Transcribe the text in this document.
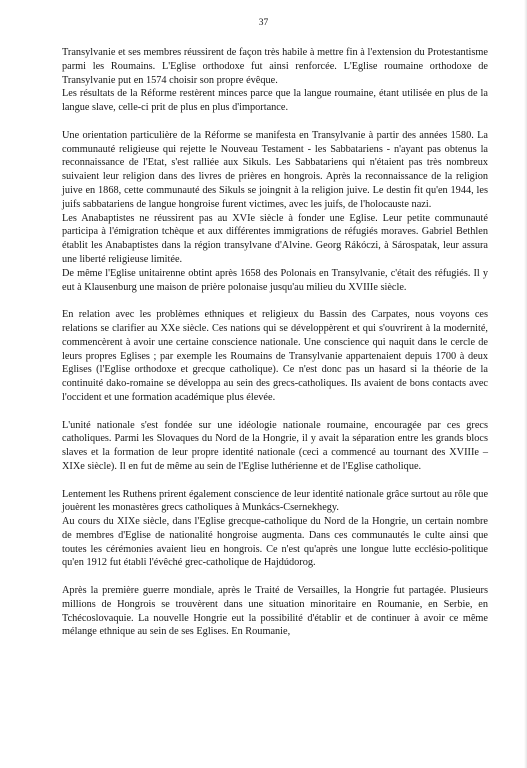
37

Transylvanie et ses membres réussirent de façon très habile à mettre fin à l'extension du Protestantisme parmi les Roumains. L'Eglise orthodoxe fut ainsi renforcée. L'Eglise roumaine orthodoxe de Transylvanie put en 1574 choisir son propre évêque.

Les résultats de la Réforme restèrent minces parce que la langue roumaine, étant utilisée en plus de la langue slave, celle-ci prit de plus en plus d'importance.

Une orientation particulière de la Réforme se manifesta en Transylvanie à partir des années 1580. La communauté religieuse qui rejette le Nouveau Testament - les Sabbatariens - n'ayant pas obtenus la reconnaissance de l'Etat, s'est ralliée aux Sikuls. Les Sabbatariens qui n'étaient pas très nombreux suivaient leur religion dans des livres de prières en hongrois. Après la reconnaissance de la religion juive en 1868, cette communauté des Sikuls se joingnit à la religion juive. Le destin fit qu'en 1944, les juifs sabbatariens de langue hongroise furent victimes, avec les juifs, de l'holocauste nazi.

Les Anabaptistes ne réussirent pas au XVIe siècle à fonder une Eglise. Leur petite communauté participa à l'émigration tchèque et aux différentes immigrations de réfugiés moraves. Gabriel Bethlen établit les Anabaptistes dans la région transylvane d'Alvine. Georg Rákóczi, à Sárospatak, leur assura une liberté religieuse limitée.

De même l'Eglise unitairenne obtint après 1658 des Polonais en Transylvanie, c'était des réfugiés. Il y eut à Klausenburg une maison de prière polonaise jusqu'au milieu du XVIIIe siècle.

En relation avec les problèmes ethniques et religieux du Bassin des Carpates, nous voyons ces relations se clarifier au XXe siècle. Ces nations qui se développèrent et qui s'ouvrirent à la modernité, commencèrent à avoir une certaine conscience nationale. Une conscience qui naquit dans le cercle de leurs propres Eglises ; par exemple les Roumains de Transylvanie appartenaient depuis 1700 à deux Eglises (l'Eglise orthodoxe et grecque catholique). Ce n'est donc pas un hasard si la théorie de la continuité dako-romaine se développa au sein des grecs-catholiques. Ils avaient de bons contacts avec l'occident et une formation académique plus élevée.

L'unité nationale s'est fondée sur une idéologie nationale roumaine, encouragée par ces grecs catholiques. Parmi les Slovaques du Nord de la Hongrie, il y avait la séparation entre les grands blocs slaves et la formation de leur propre identité nationale (ceci a commencé au tournant des XVIIIe – XIXe siècle). Il en fut de même au sein de l'Eglise luthérienne et de l'Eglise catholique.

Lentement les Ruthens prirent également conscience de leur identité nationale grâce surtout au rôle que jouèrent les monastères grecs catholiques à Munkács-Csernekhegy.

Au cours du XIXe siècle, dans l'Eglise grecque-catholique du Nord de la Hongrie, un certain nombre de membres d'Eglise de nationalité hongroise augmenta. Dans ces communautés le culte ainsi que toutes les cérémonies avaient lieu en hongrois. Ce n'est qu'après une longue lutte ecclésio-politique qu'en 1912 fut établi l'évêché grec-catholique de Hajdúdorog.

Après la première guerre mondiale, après le Traité de Versailles, la Hongrie fut partagée. Plusieurs millions de Hongrois se trouvèrent dans une situation minoritaire en Roumanie, en Serbie, en Tchécoslovaquie. La nouvelle Hongrie eut la possibilité d'établir et de continuer à avoir ce même mélange ethnique au sein de ses Eglises. En Roumanie,
